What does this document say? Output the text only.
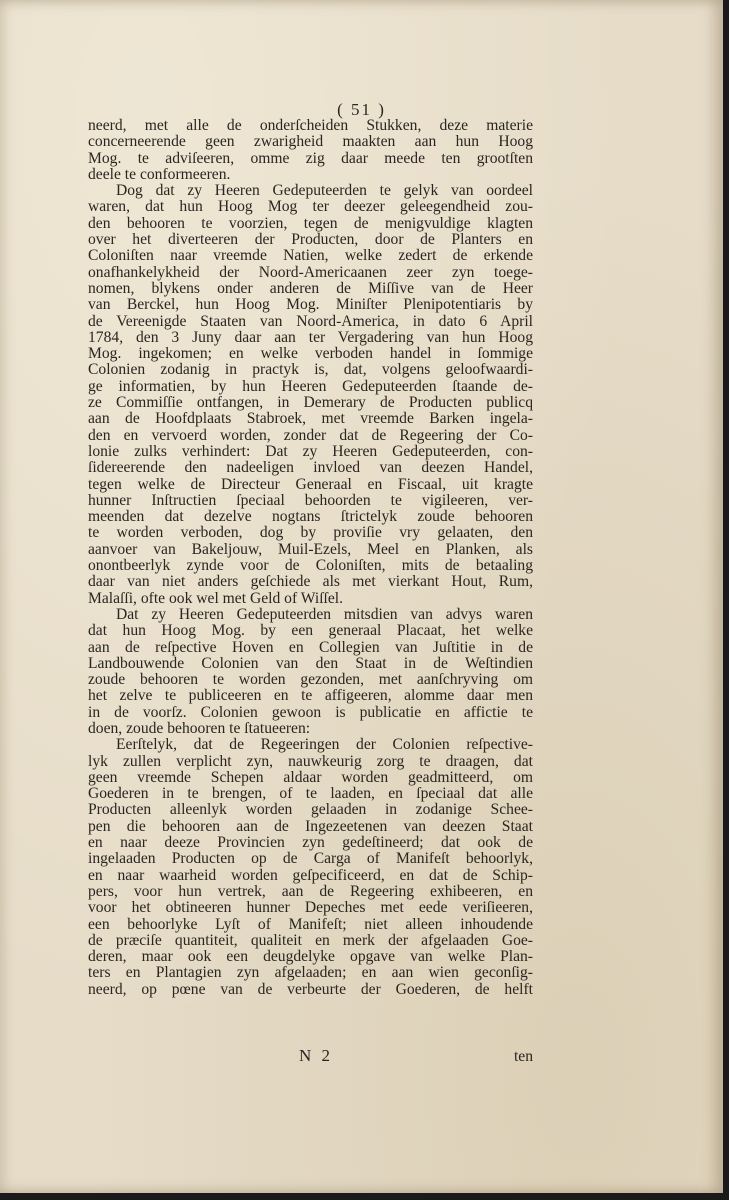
( 51 )
neerd, met alle de onderſcheiden Stukken, deze materie
concerneerende geen zwarigheid maakten aan hun Hoog
Mog. te adviſeeren, omme zig daar meede ten grootſten
deele te conformeeren.
Dog dat zy Heeren Gedeputeerden te gelyk van oordeel
waren, dat hun Hoog Mog ter deezer geleegendheid zou-
den behooren te voorzien, tegen de menigvuldige klagten
over het diverteeren der Producten, door de Planters en
Coloniſten naar vreemde Natien, welke zedert de erkende
onafhankelykheid der Noord-Americaanen zeer zyn toege-
nomen, blykens onder anderen de Miſſive van de Heer
van Berckel, hun Hoog Mog. Miniſter Plenipotentiaris by
de Vereenigde Staaten van Noord-America, in dato 6 April
1784, den 3 Juny daar aan ter Vergadering van hun Hoog
Mog. ingekomen; en welke verboden handel in ſommige
Colonien zodanig in practyk is, dat, volgens geloofwaardi-
ge informatien, by hun Heeren Gedeputeerden ſtaande de-
ze Commiſſie ontfangen, in Demerary de Producten publicq
aan de Hoofdplaats Stabroek, met vreemde Barken ingela-
den en vervoerd worden, zonder dat de Regeering der Co-
lonie zulks verhindert: Dat zy Heeren Gedeputeerden, con-
ſidereerende den nadeeligen invloed van deezen Handel,
tegen welke de Directeur Generaal en Fiscaal, uit kragte
hunner Inſtructien ſpeciaal behoorden te vigileeren, ver-
meenden dat dezelve nogtans ſtrictelyk zoude behooren
te worden verboden, dog by proviſie vry gelaaten, den
aanvoer van Bakeljouw, Muil-Ezels, Meel en Planken, als
onontbeerlyk zynde voor de Coloniſten, mits de betaaling
daar van niet anders geſchiede als met vierkant Hout, Rum,
Malaſſi, ofte ook wel met Geld of Wiſſel.
Dat zy Heeren Gedeputeerden mitsdien van advys waren
dat hun Hoog Mog. by een generaal Placaat, het welke
aan de reſpective Hoven en Collegien van Juſtitie in de
Landbouwende Colonien van den Staat in de Weſtindien
zoude behooren te worden gezonden, met aanſchryving om
het zelve te publiceeren en te affigeeren, alomme daar men
in de voorſz. Colonien gewoon is publicatie en affictie te
doen, zoude behooren te ſtatueeren:
Eerſtelyk, dat de Regeeringen der Colonien reſpective-
lyk zullen verplicht zyn, nauwkeurig zorg te draagen, dat
geen vreemde Schepen aldaar worden geadmitteerd, om
Goederen in te brengen, of te laaden, en ſpeciaal dat alle
Producten alleenlyk worden gelaaden in zodanige Schee-
pen die behooren aan de Ingezeetenen van deezen Staat
en naar deeze Provincien zyn gedeſtineerd; dat ook de
ingelaaden Producten op de Carga of Manifeſt behoorlyk,
en naar waarheid worden geſpecificeerd, en dat de Schip-
pers, voor hun vertrek, aan de Regeering exhibeeren, en
voor het obtineeren hunner Depeches met eede veriſieeren,
een behoorlyke Lyſt of Manifeſt; niet alleen inhoudende
de præciſe quantiteit, qualiteit en merk der afgelaaden Goe-
deren, maar ook een deugdelyke opgave van welke Plan-
ters en Plantagien zyn afgelaaden; en aan wien geconſig-
neerd, op pœne van de verbeurte der Goederen, de helft
N 2	ten
